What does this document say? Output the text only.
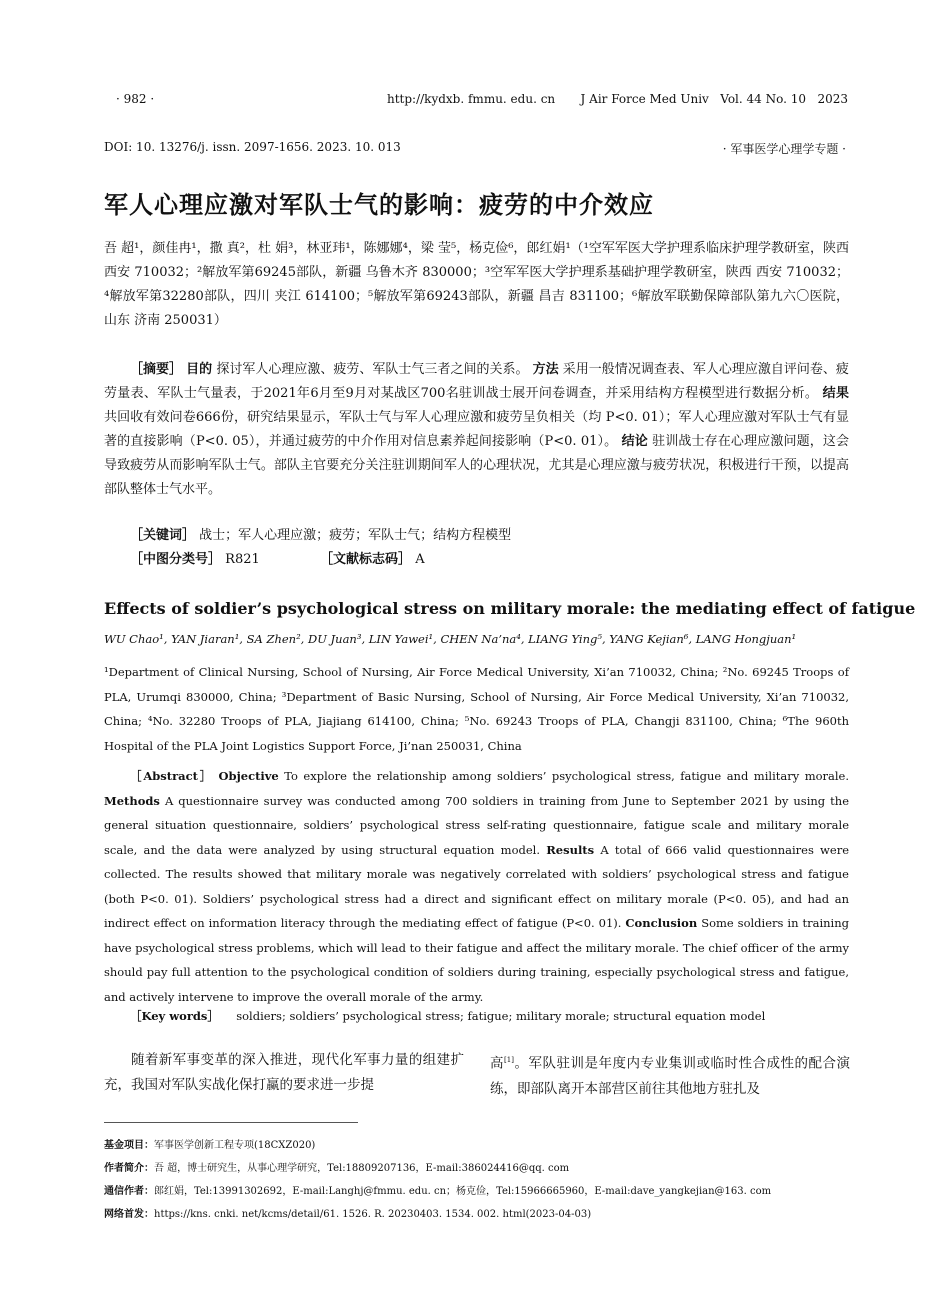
· 982 ·	http://kydxb. fmmu. edu. cn J Air Force Med Univ   Vol. 44 No. 10   2023
DOI: 10. 13276/j. issn. 2097-1656. 2023. 10. 013	· 军事医学心理学专题 ·
军人心理应激对军队士气的影响：疲劳的中介效应

吾 超¹，颜佳冉¹，撒 真²，杜 娟³，林亚玮¹，陈娜娜⁴，梁 莹⁵，杨克俭⁶，郎红娟¹（¹空军军医大学护理系临床护理学教研室，陕西 西安 710032；²解放军第69245部队，新疆 乌鲁木齐 830000；³空军军医大学护理系基础护理学教研室，陕西 西安 710032；⁴解放军第32280部队，四川 夹江 614100；⁵解放军第69243部队，新疆 昌吉 831100；⁶解放军联勤保障部队第九六〇医院，山东 济南 250031）

［摘要］ 目的 探讨军人心理应激、疲劳、军队士气三者之间的关系。 方法 采用一般情况调查表、军人心理应激自评问卷、疲劳量表、军队士气量表，于2021年6月至9月对某战区700名驻训战士展开问卷调查，并采用结构方程模型进行数据分析。 结果 共回收有效问卷666份，研究结果显示，军队士气与军人心理应激和疲劳呈负相关（均 P<0. 01）；军人心理应激对军队士气有显著的直接影响（P<0. 05），并通过疲劳的中介作用对信息素养起间接影响（P<0. 01）。 结论 驻训战士存在心理应激问题，这会导致疲劳从而影响军队士气。部队主官要充分关注驻训期间军人的心理状况，尤其是心理应激与疲劳状况，积极进行干预，以提高部队整体士气水平。

［关键词］ 战士；军人心理应激；疲劳；军队士气；结构方程模型
［中图分类号］ R821	［文献标志码］ A
Effects of soldier’s psychological stress on military morale: the mediating effect of fatigue
WU Chao¹, YAN Jiaran¹, SA Zhen², DU Juan³, LIN Yawei¹, CHEN Na’na⁴, LIANG Ying⁵, YANG Kejian⁶, LANG Hongjuan¹

¹Department of Clinical Nursing, School of Nursing, Air Force Medical University, Xi’an 710032, China; ²No. 69245 Troops of PLA, Urumqi 830000, China; ³Department of Basic Nursing, School of Nursing, Air Force Medical University, Xi’an 710032, China; ⁴No. 32280 Troops of PLA, Jiajiang 614100, China; ⁵No. 69243 Troops of PLA, Changji 831100, China; ⁶The 960th Hospital of the PLA Joint Logistics Support Force, Ji’nan 250031, China

［Abstract］ Objective To explore the relationship among soldiers’ psychological stress, fatigue and military morale. Methods A questionnaire survey was conducted among 700 soldiers in training from June to September 2021 by using the general situation questionnaire, soldiers’ psychological stress self-rating questionnaire, fatigue scale and military morale scale, and the data were analyzed by using structural equation model. Results A total of 666 valid questionnaires were collected. The results showed that military morale was negatively correlated with soldiers’ psychological stress and fatigue (both P<0. 01). Soldiers’ psychological stress had a direct and significant effect on military morale (P<0. 05), and had an indirect effect on information literacy through the mediating effect of fatigue (P<0. 01). Conclusion Some soldiers in training have psychological stress problems, which will lead to their fatigue and affect the military morale. The chief officer of the army should pay full attention to the psychological condition of soldiers during training, especially psychological stress and fatigue, and actively intervene to improve the overall morale of the army.

［Key words］ soldiers; soldiers’ psychological stress; fatigue; military morale; structural equation model

随着新军事变革的深入推进，现代化军事力量的组建扩充，我国对军队实战化保打赢的要求进一步提

高[1]。军队驻训是年度内专业集训或临时性合成性的配合演练，即部队离开本部营区前往其他地方驻扎及

基金项目：军事医学创新工程专项(18CXZ020)
作者简介：吾 超，博士研究生，从事心理学研究，Tel:18809207136，E-mail:386024416@qq. com
通信作者：郎红娟，Tel:13991302692，E-mail:Langhj@fmmu. edu. cn；杨克俭，Tel:15966665960，E-mail:dave_yangkejian@163. com
网络首发：https://kns. cnki. net/kcms/detail/61. 1526. R. 20230403. 1534. 002. html(2023-04-03)
